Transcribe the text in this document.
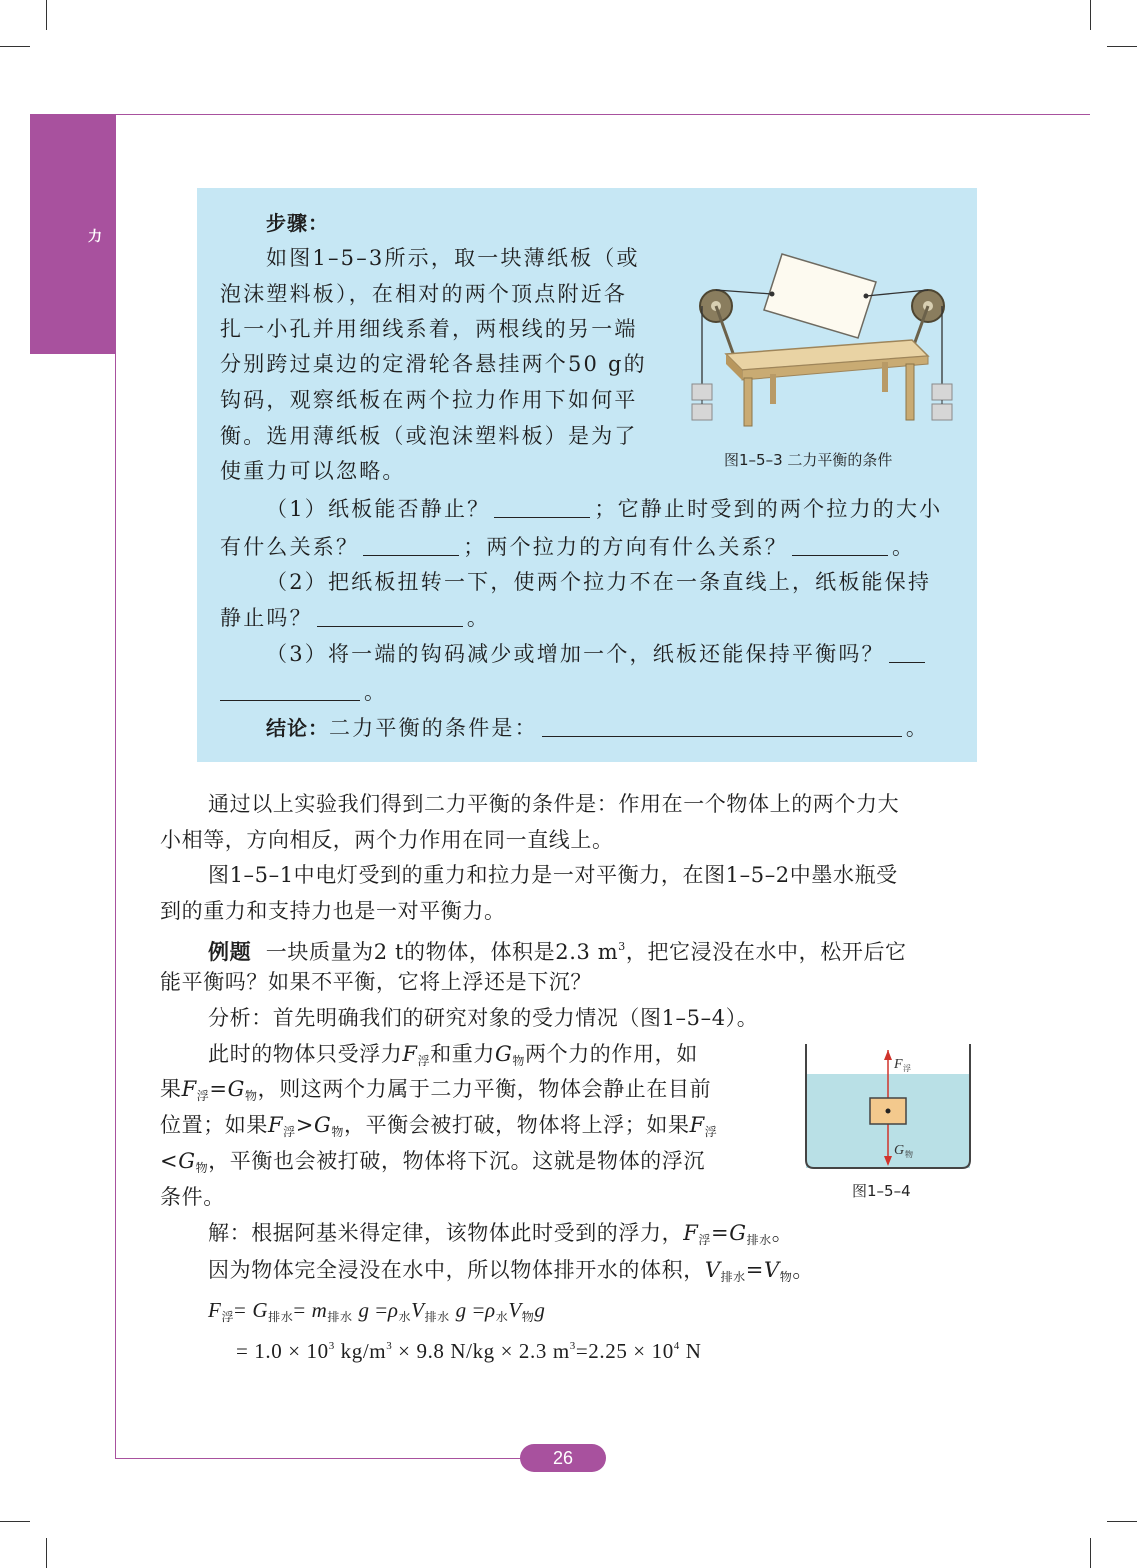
力
步骤：
如图1–5–3所示，取一块薄纸板（或
泡沫塑料板），在相对的两个顶点附近各
扎一小孔并用细线系着，两根线的另一端
分别跨过桌边的定滑轮各悬挂两个50 g的
钩码，观察纸板在两个拉力作用下如何平
衡。选用薄纸板（或泡沫塑料板）是为了
使重力可以忽略。	图1–5–3 二力平衡的条件
（1）纸板能否静止？	；它静止时受到的两个拉力的大小
有什么关系？	；两个拉力的方向有什么关系？	。
（2）把纸板扭转一下，使两个拉力不在一条直线上，纸板能保持
静止吗？	。
（3）将一端的钩码减少或增加一个，纸板还能保持平衡吗？
。
结论：二力平衡的条件是：	。
通过以上实验我们得到二力平衡的条件是：作用在一个物体上的两个力大
小相等，方向相反，两个力作用在同一直线上。
图1–5–1中电灯受到的重力和拉力是一对平衡力，在图1–5–2中墨水瓶受
到的重力和支持力也是一对平衡力。
例题 一块质量为2 t的物体，体积是2.3 $m^3$，把它浸没在水中，松开后它
能平衡吗？如果不平衡，它将上浮还是下沉？
分析：首先明确我们的研究对象的受力情况（图1–5–4）。
此时的物体只受浮力$F_浮$和重力$G_物$两个力的作用，如
果$F_浮=G_物$，则这两个力属于二力平衡，物体会静止在目前
位置；如果$F_浮>G_物$，平衡会被打破，物体将上浮；如果$F_浮$
$<G_物$，平衡也会被打破，物体将下沉。这就是物体的浮沉
条件。
F 浮
G 物
图1–5–4
解：根据阿基米得定律，该物体此时受到的浮力，$F_浮=G_{排水}$。
因为物体完全浸没在水中，所以物体排开水的体积，$V_{排水}=V_物$。
$F_浮= G_{排水}= m_{排水}$ $g =\rho_水V_{排水}$ $g =\rho_水V_物g$
= $1.0 \times 10^3$ $kg/m^3 \times 9.8$ N/kg × 2.3 $m^3=2.25 \times 10^4$ N
26
